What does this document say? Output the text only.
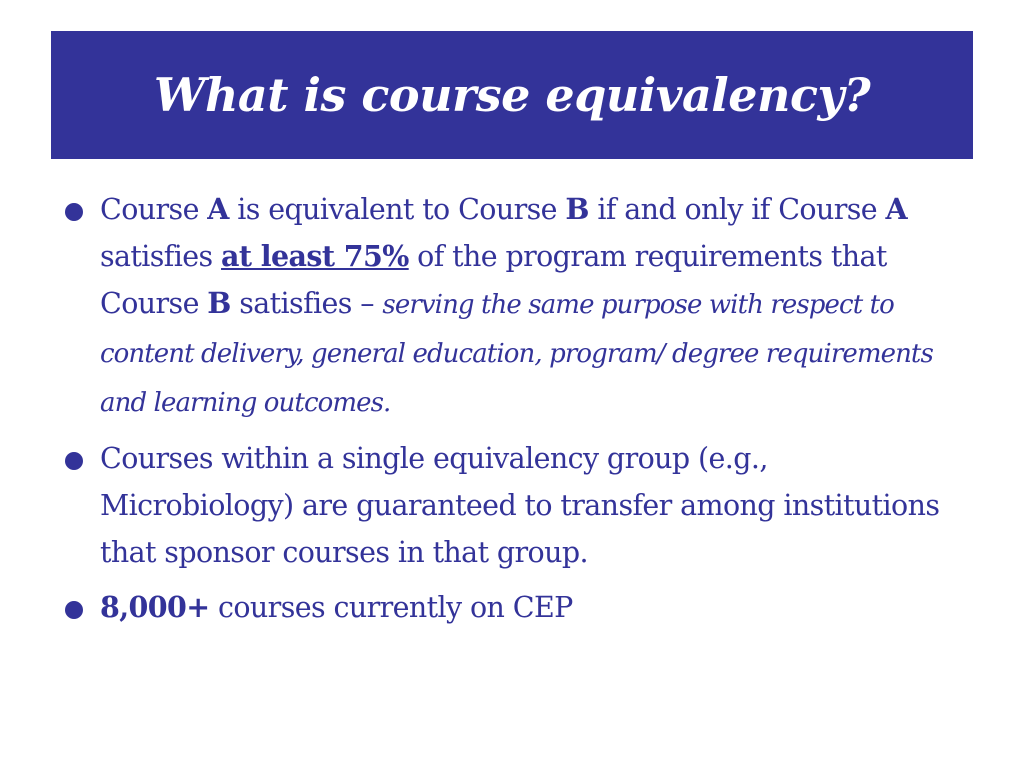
What is course equivalency?
Course A is equivalent to Course B if and only if Course A satisfies at least 75% of the program requirements that Course B satisfies – serving the same purpose with respect to content delivery, general education, program/ degree requirements and learning outcomes.
Courses within a single equivalency group (e.g., Microbiology) are guaranteed to transfer among institutions that sponsor courses in that group.
8,000+ courses currently on CEP
